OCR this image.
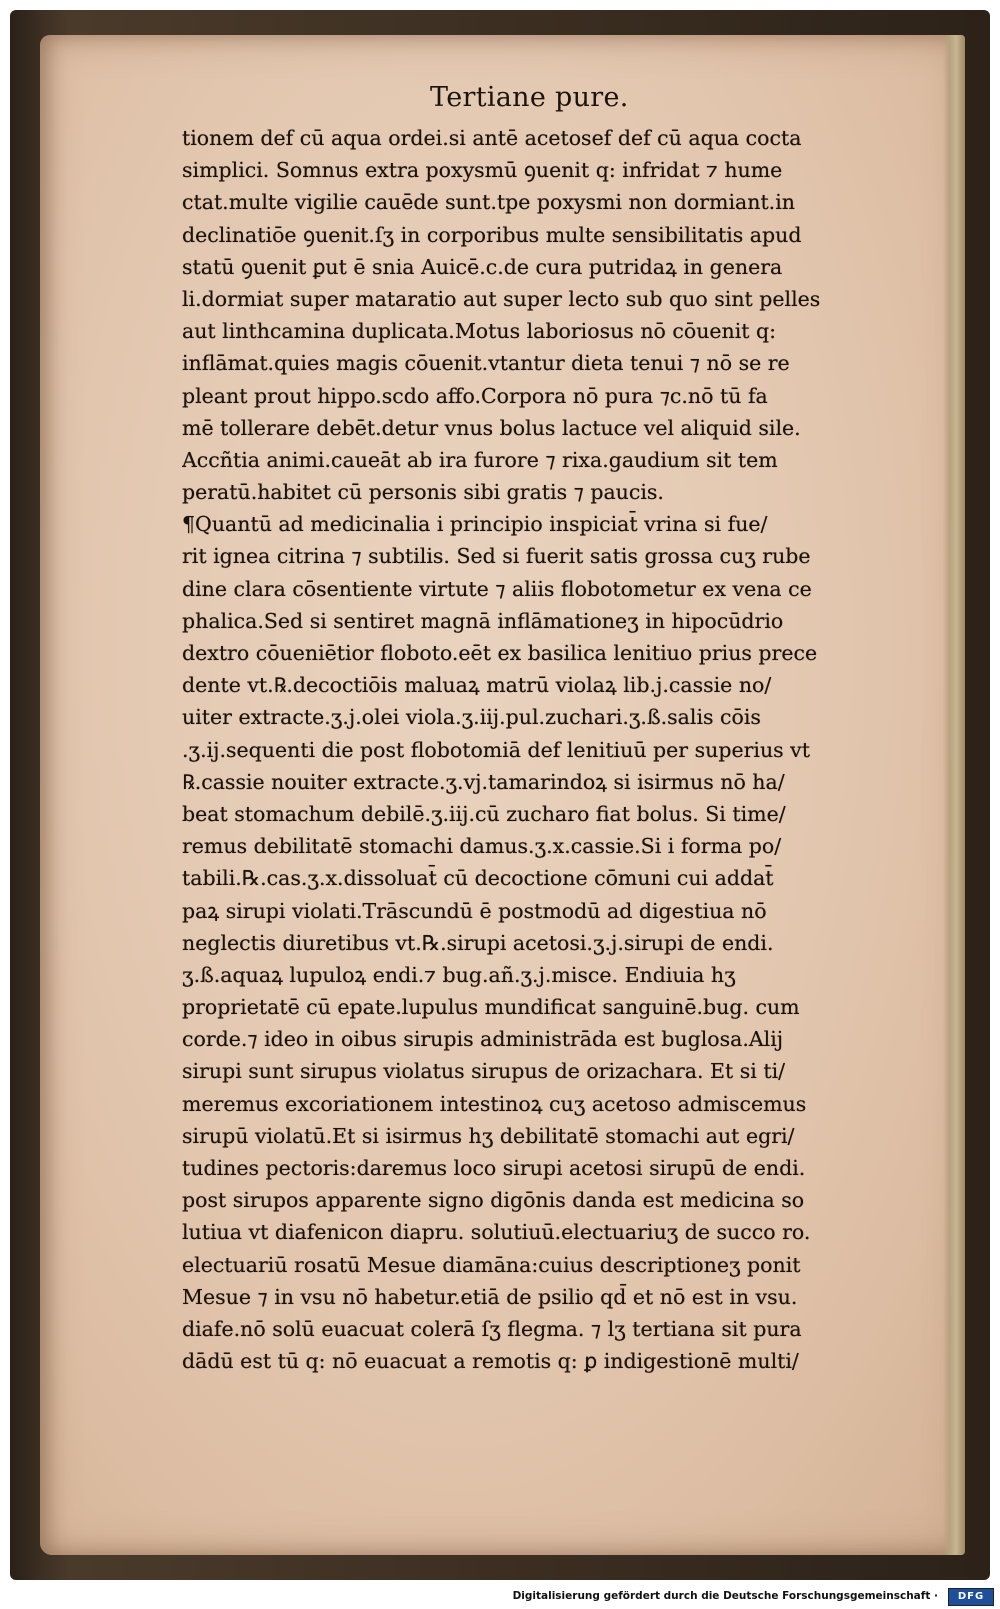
Tertiane pure.
tionem def cū aqua ordei.si antē acetosef def cū aqua cocta
simplici. Somnus extra poxysmū ꝯuenit q: infridat ⁊ hume
ctat.multe vigilie cauēde sunt.tpe poxysmi non dormiant.in
declinatiōe ꝯuenit.ſʒ in corporibus multe sensibilitatis apud
statū ꝯuenit ꝑut ē snia Auicē.c.de cura putridaꝝ in genera
li.dormiat super mataratio aut super lecto sub quo sint pelles
aut linthcamina duplicata.Motus laboriosus nō cōuenit q:
inflāmat.quies magis cōuenit.vtantur dieta tenui ⁊ nō se re
pleant prout hippo.scdo affo.Corpora nō pura ⁊c.nō tū fa
mē tollerare debēt.detur vnus bolus lactuce vel aliquid sile.
Accñtia animi.caueāt ab ira furore ⁊ rixa.gaudium sit tem
peratū.habitet cū personis sibi gratis ⁊ paucis.
¶Quantū ad medicinalia i principio inspiciat̄ vrina si fue/
rit ignea citrina ⁊ subtilis. Sed si fuerit satis grossa cuʒ rube
dine clara cōsentiente virtute ⁊ aliis flobotometur ex vena ce
phalica.Sed si sentiret magnā inflāmationeʒ in hipocūdrio
dextro cōueniētior floboto.eēt ex basilica lenitiuo prius prece
dente vt.℞.decoctiōis maluaꝝ matrū violaꝝ lib.j.cassie no/
uiter extracte.ʒ.j.olei viola.ʒ.iij.pul.zuchari.ʒ.ß.salis cōis
.ʒ.ij.sequenti die post flobotomiā def lenitiuū per superius vt
℞.cassie nouiter extracte.ʒ.vj.tamarindoꝝ si isirmus nō ha/
beat stomachum debilē.ʒ.iij.cū zucharo fiat bolus. Si time/
remus debilitatē stomachi damus.ʒ.x.cassie.Si i forma po/
tabili.℞.cas.ʒ.x.dissoluat̄ cū decoctione cōmuni cui addat̄
paꝝ sirupi violati.Trāscundū ē postmodū ad digestiua nō
neglectis diuretibus vt.℞.sirupi acetosi.ʒ.j.sirupi de endi.
ʒ.ß.aquaꝝ lupuloꝝ endi.⁊ bug.añ.ʒ.j.misce. Endiuia hʒ
proprietatē cū epate.lupulus mundificat sanguinē.bug. cum
corde.⁊ ideo in oibus sirupis administrāda est buglosa.Alij
sirupi sunt sirupus violatus sirupus de orizachara. Et si ti/
meremus excoriationem intestinoꝝ cuʒ acetoso admiscemus
sirupū violatū.Et si isirmus hʒ debilitatē stomachi aut egri/
tudines pectoris:daremus loco sirupi acetosi sirupū de endi.
post sirupos apparente signo digōnis danda est medicina so
lutiua vt diafenicon diapru. solutiuū.electuariuʒ de succo ro.
electuariū rosatū Mesue diamāna:cuius descriptioneʒ ponit
Mesue ⁊ in vsu nō habetur.etiā de psilio qd̄ et nō est in vsu.
diafe.nō solū euacuat colerā ſʒ flegma. ⁊ lʒ tertiana sit pura
dādū est tū q: nō euacuat a remotis q: ꝑ indigestionē multi/
Digitalisierung gefördert durch die Deutsche Forschungsgemeinschaft ·	DFG
